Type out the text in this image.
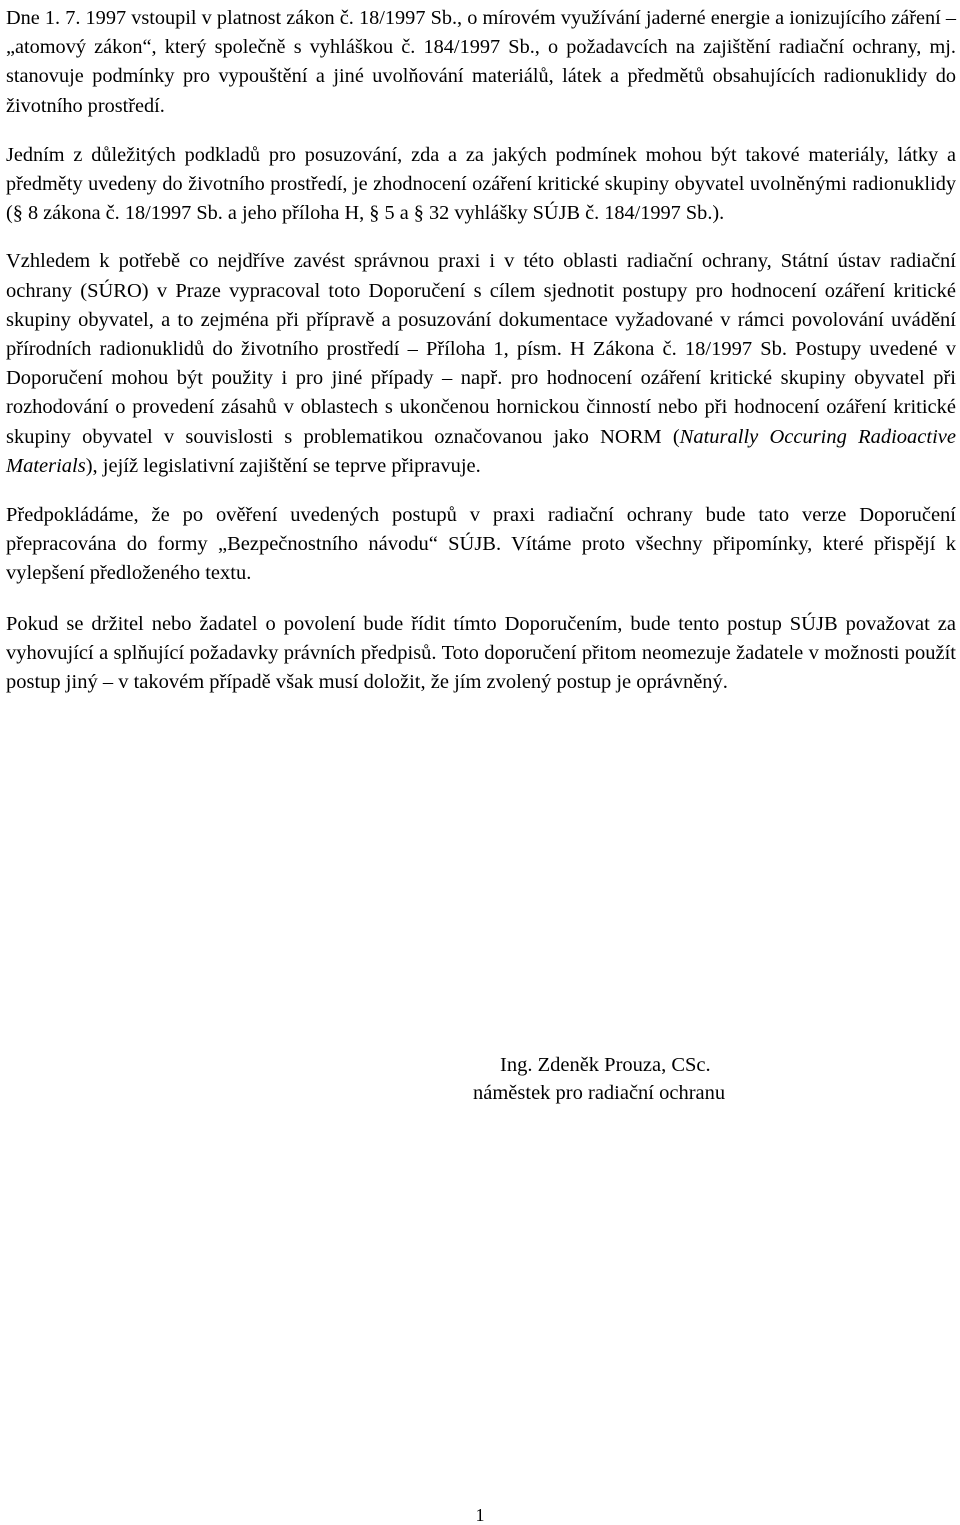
Dne 1. 7. 1997 vstoupil v platnost zákon č. 18/1997 Sb., o mírovém využívání jaderné energie a ionizujícího záření – „atomový zákon“, který společně s vyhláškou č. 184/1997 Sb., o požadavcích na zajištění radiační ochrany, mj. stanovuje podmínky pro vypouštění a jiné uvolňování materiálů, látek a předmětů obsahujících radionuklidy do životního prostředí.

Jedním z důležitých podkladů pro posuzování, zda a za jakých podmínek mohou být takové materiály, látky a předměty uvedeny do životního prostředí, je zhodnocení ozáření kritické skupiny obyvatel uvolněnými radionuklidy (§ 8 zákona č. 18/1997 Sb. a jeho příloha H, § 5 a § 32 vyhlášky SÚJB č. 184/1997 Sb.).

Vzhledem k potřebě co nejdříve zavést správnou praxi i v této oblasti radiační ochrany, Státní ústav radiační ochrany (SÚRO) v Praze vypracoval toto Doporučení s cílem sjednotit postupy pro hodnocení ozáření kritické skupiny obyvatel, a to zejména při přípravě a posuzování dokumentace vyžadované v rámci povolování uvádění přírodních radionuklidů do životního prostředí – Příloha 1, písm. H Zákona č. 18/1997 Sb. Postupy uvedené v Doporučení mohou být použity i pro jiné případy – např. pro hodnocení ozáření kritické skupiny obyvatel při rozhodování o provedení zásahů v oblastech s ukončenou hornickou činností nebo při hodnocení ozáření kritické skupiny obyvatel v souvislosti s problematikou označovanou jako NORM (Naturally Occuring Radioactive Materials), jejíž legislativní zajištění se teprve připravuje.

Předpokládáme, že po ověření uvedených postupů v praxi radiační ochrany bude tato verze Doporučení přepracována do formy „Bezpečnostního návodu“ SÚJB. Vítáme proto všechny připomínky, které přispějí k vylepšení předloženého textu.

Pokud se držitel nebo žadatel o povolení bude řídit tímto Doporučením, bude tento postup SÚJB považovat za vyhovující a splňující požadavky právních předpisů. Toto doporučení přitom neomezuje žadatele v možnosti použít postup jiný – v takovém případě však musí doložit, že jím zvolený postup je oprávněný.

Ing. Zdeněk Prouza, CSc.
náměstek pro radiační ochranu
1
